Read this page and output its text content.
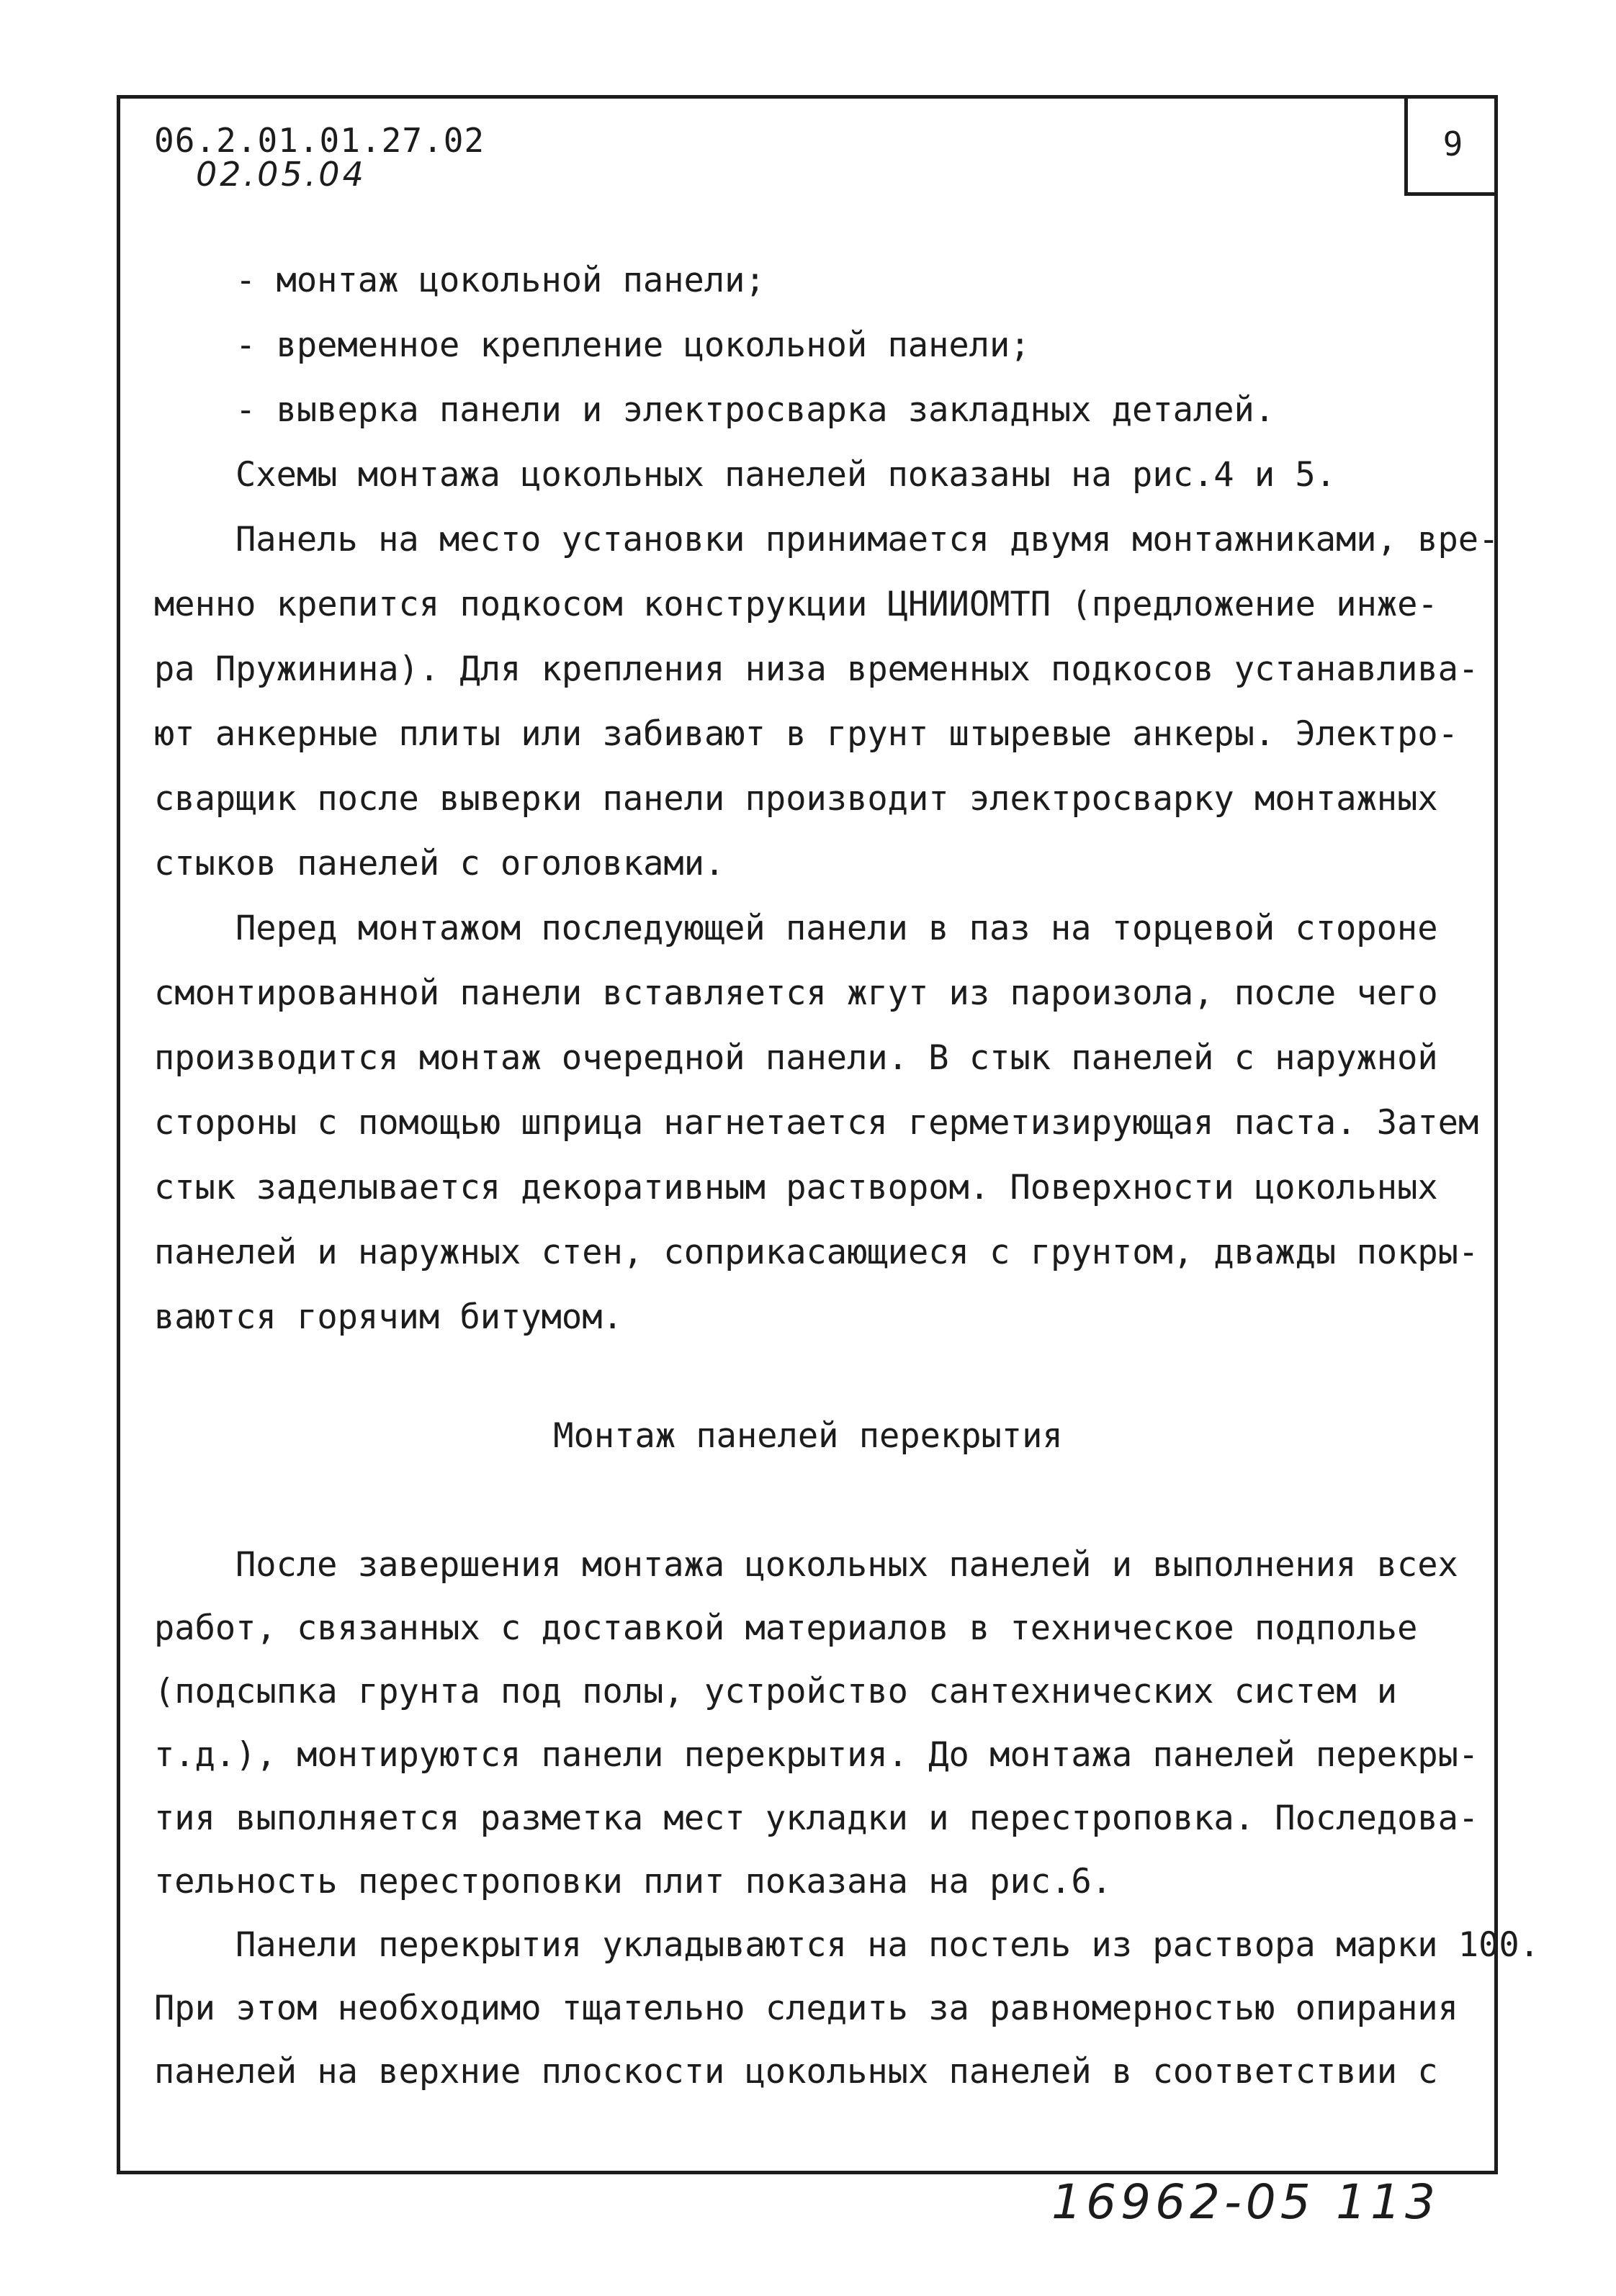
9
06.2.01.01.27.02
02.05.04
- монтаж цокольной панели;
- временное крепление цокольной панели;
- выверка панели и электросварка закладных деталей.
Схемы монтажа цокольных панелей показаны на рис.4 и 5.
Панель на место установки принимается двумя монтажниками, вре-
менно крепится подкосом конструкции ЦНИИОМТП (предложение инже-
ра Пружинина). Для крепления низа временных подкосов устанавлива-
ют анкерные плиты или забивают в грунт штыревые анкеры. Электро-
сварщик после выверки панели производит электросварку монтажных
стыков панелей с оголовками.
Перед монтажом последующей панели в паз на торцевой стороне
смонтированной панели вставляется жгут из пароизола, после чего
производится монтаж очередной панели. В стык панелей с наружной
стороны с помощью шприца нагнетается герметизирующая паста. Затем
стык заделывается декоративным раствором. Поверхности цокольных
панелей и наружных стен, соприкасающиеся с грунтом, дважды покры-
ваются горячим битумом.
Монтаж панелей перекрытия
После завершения монтажа цокольных панелей и выполнения всех
работ, связанных с доставкой материалов в техническое подполье
(подсыпка грунта под полы, устройство сантехнических систем и
т.д.), монтируются панели перекрытия. До монтажа панелей перекры-
тия выполняется разметка мест укладки и перестроповка. Последова-
тельность перестроповки плит показана на рис.6.
Панели перекрытия укладываются на постель из раствора марки 100.
При этом необходимо тщательно следить за равномерностью опирания
панелей на верхние плоскости цокольных панелей в соответствии с
16962-05 113
